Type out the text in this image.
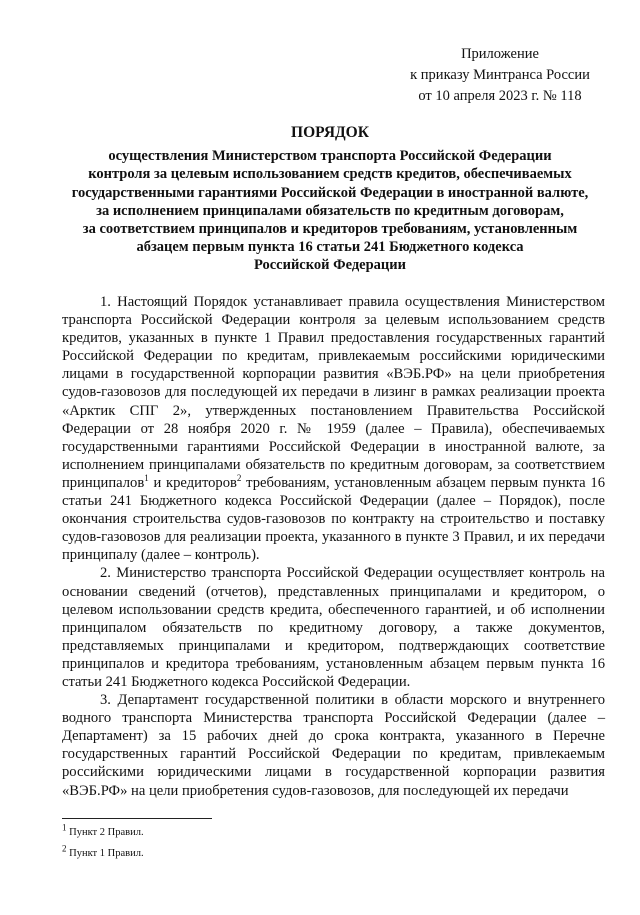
Приложение
к приказу Минтранса России
от 10 апреля 2023 г. № 118
ПОРЯДОК
осуществления Министерством транспорта Российской Федерации
контроля за целевым использованием средств кредитов, обеспечиваемых
государственными гарантиями Российской Федерации в иностранной валюте,
за исполнением принципалами обязательств по кредитным договорам,
за соответствием принципалов и кредиторов требованиям, установленным
абзацем первым пункта 16 статьи 241 Бюджетного кодекса
Российской Федерации

1. Настоящий Порядок устанавливает правила осуществления Министерством транспорта Российской Федерации контроля за целевым использованием средств кредитов, указанных в пункте 1 Правил предоставления государственных гарантий Российской Федерации по кредитам, привлекаемым российскими юридическими лицами в государственной корпорации развития «ВЭБ.РФ» на цели приобретения судов-газовозов для последующей их передачи в лизинг в рамках реализации проекта «Арктик СПГ 2», утвержденных постановлением Правительства Российской Федерации от 28 ноября 2020 г. № 1959 (далее – Правила), обеспечиваемых государственными гарантиями Российской Федерации в иностранной валюте, за исполнением принципалами обязательств по кредитным договорам, за соответствием принципалов$^1$ и кредиторов$^2$ требованиям, установленным абзацем первым пункта 16 статьи 241 Бюджетного кодекса Российской Федерации (далее – Порядок), после окончания строительства судов-газовозов по контракту на строительство и поставку судов-газовозов для реализации проекта, указанного в пункте 3 Правил, и их передачи принципалу (далее – контроль).

2. Министерство транспорта Российской Федерации осуществляет контроль на основании сведений (отчетов), представленных принципалами и кредитором, о целевом использовании средств кредита, обеспеченного гарантией, и об исполнении принципалом обязательств по кредитному договору, а также документов, представляемых принципалами и кредитором, подтверждающих соответствие принципалов и кредитора требованиям, установленным абзацем первым пункта 16 статьи 241 Бюджетного кодекса Российской Федерации.

3. Департамент государственной политики в области морского и внутреннего водного транспорта Министерства транспорта Российской Федерации (далее – Департамент) за 15 рабочих дней до срока контракта, указанного в Перечне государственных гарантий Российской Федерации по кредитам, привлекаемым российскими юридическими лицами в государственной корпорации развития «ВЭБ.РФ» на цели приобретения судов-газовозов, для последующей их передачи

$^1$ Пункт 2 Правил.
$^2$ Пункт 1 Правил.
